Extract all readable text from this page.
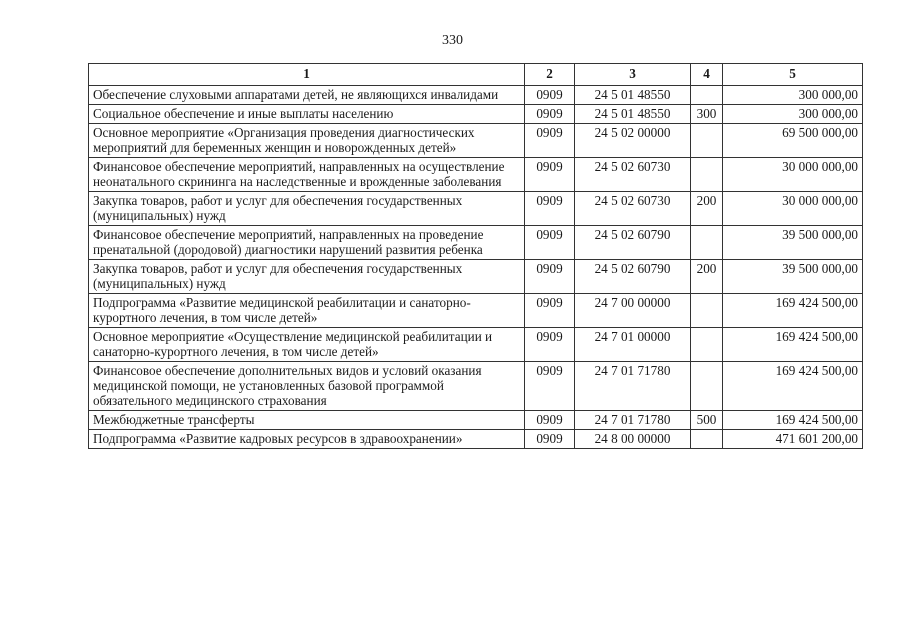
330
1	2	3	4	5
Обеспечение слуховыми аппаратами детей, не являющихся инвалидами	0909	24 5 01 48550		300 000,00
Социальное обеспечение и иные выплаты населению	0909	24 5 01 48550	300	300 000,00
Основное мероприятие «Организация проведения диагностических мероприятий для беременных женщин и новорожденных детей»	0909	24 5 02 00000		69 500 000,00
Финансовое обеспечение мероприятий, направленных на осуществление неонатального скрининга на наследственные и врожденные заболевания	0909	24 5 02 60730		30 000 000,00
Закупка товаров, работ и услуг для обеспечения государственных (муниципальных) нужд	0909	24 5 02 60730	200	30 000 000,00
Финансовое обеспечение мероприятий, направленных на проведение пренатальной (дородовой) диагностики нарушений развития ребенка	0909	24 5 02 60790		39 500 000,00
Закупка товаров, работ и услуг для обеспечения государственных (муниципальных) нужд	0909	24 5 02 60790	200	39 500 000,00
Подпрограмма «Развитие медицинской реабилитации и санаторно-курортного лечения, в том числе детей»	0909	24 7 00 00000		169 424 500,00
Основное мероприятие «Осуществление медицинской реабилитации и санаторно-курортного лечения, в том числе детей»	0909	24 7 01 00000		169 424 500,00
Финансовое обеспечение дополнительных видов и условий оказания медицинской помощи, не установленных базовой программой обязательного медицинского страхования	0909	24 7 01 71780		169 424 500,00
Межбюджетные трансферты	0909	24 7 01 71780	500	169 424 500,00
Подпрограмма «Развитие кадровых ресурсов в здравоохранении»	0909	24 8 00 00000		471 601 200,00
